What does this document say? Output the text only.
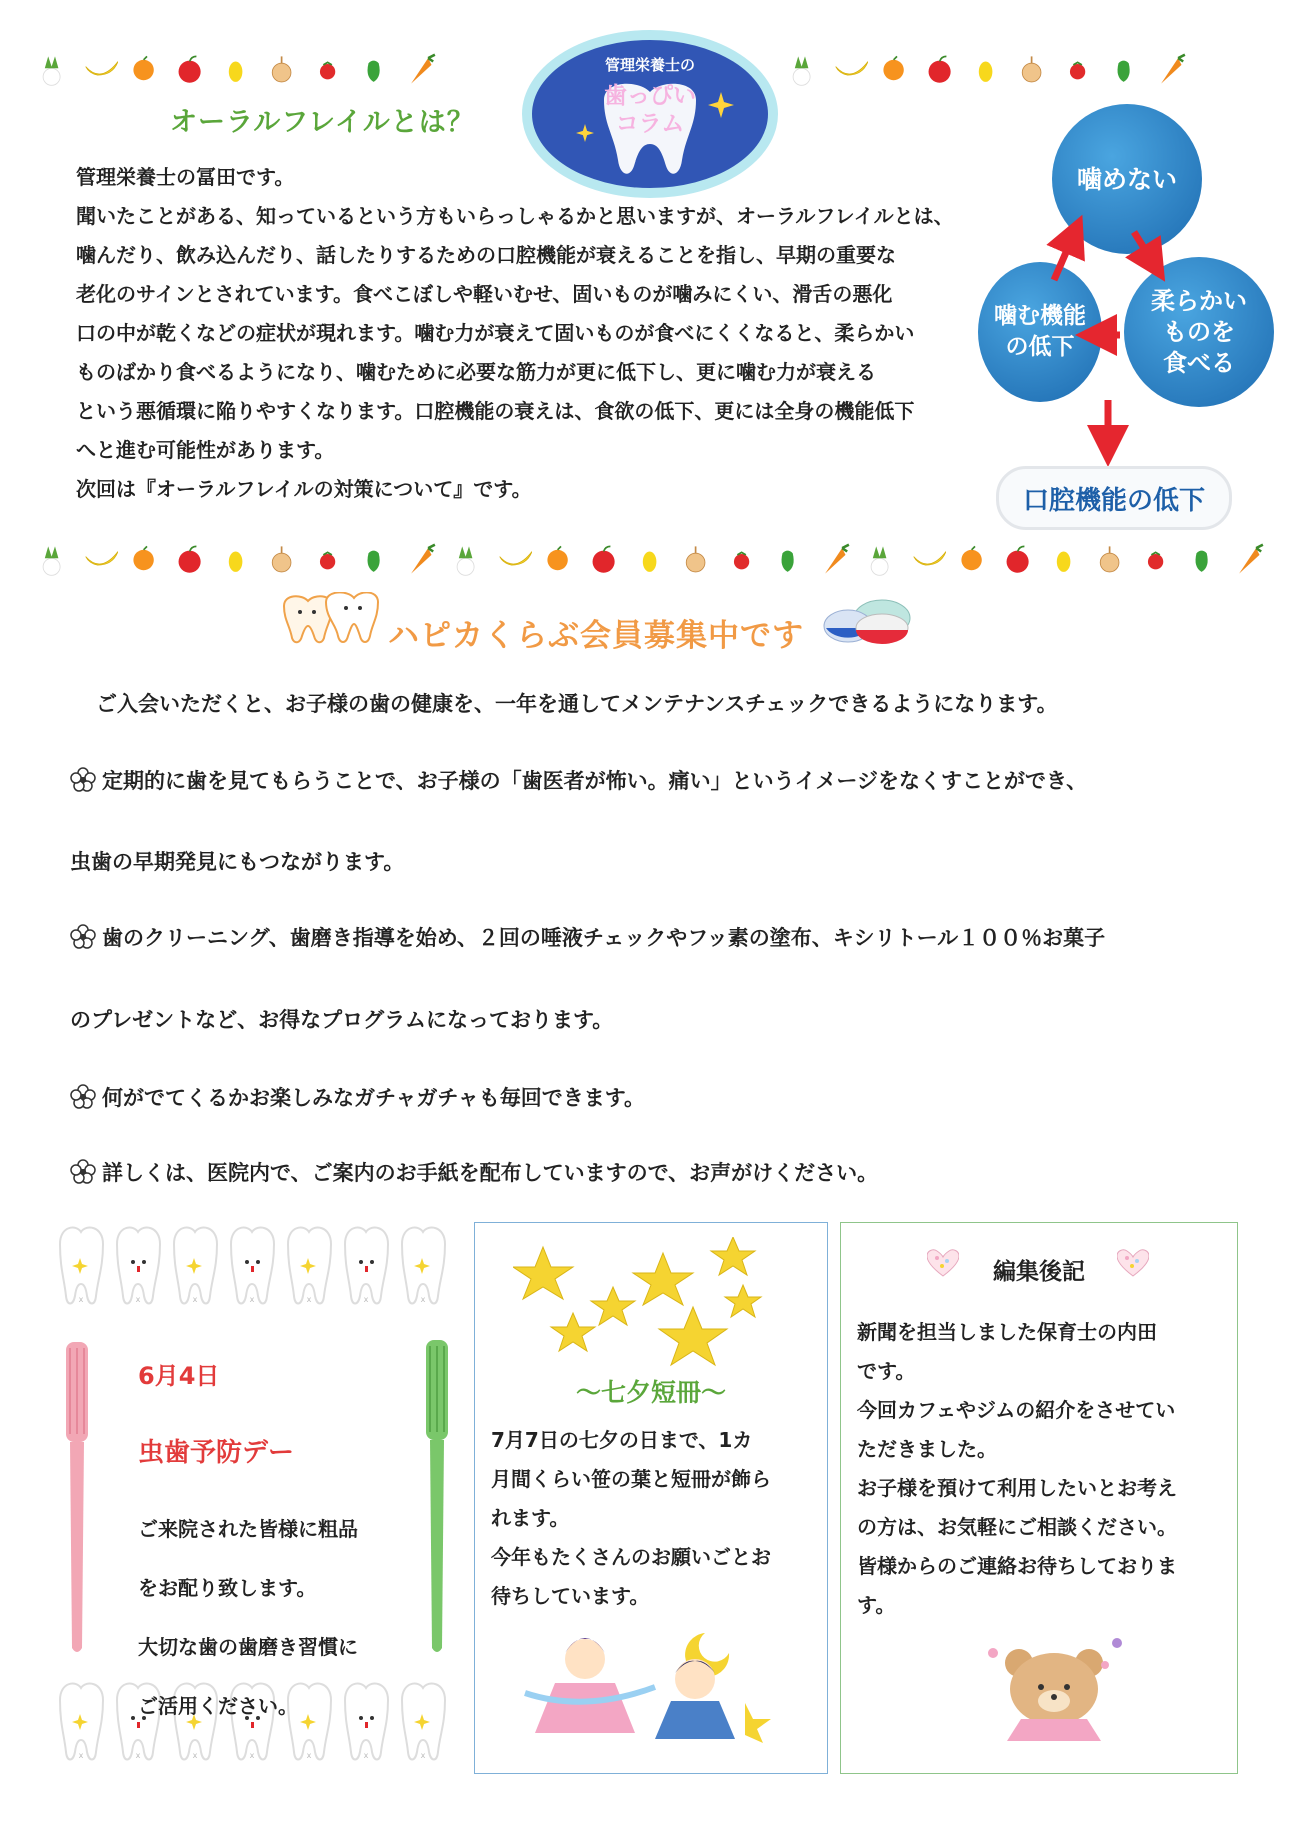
管理栄養士の
歯っぴい
コラム
オーラルフレイルとは？

管理栄養士の冨田です。

聞いたことがある、知っているという方もいらっしゃるかと思いますが、オーラルフレイルとは、

噛んだり、飲み込んだり、話したりするための口腔機能が衰えることを指し、早期の重要な

老化のサインとされています。食べこぼしや軽いむせ、固いものが噛みにくい、滑舌の悪化

口の中が乾くなどの症状が現れます。噛む力が衰えて固いものが食べにくくなると、柔らかい

ものばかり食べるようになり、噛むために必要な筋力が更に低下し、更に噛む力が衰える

という悪循環に陥りやすくなります。口腔機能の衰えは、食欲の低下、更には全身の機能低下

へと進む可能性があります。

次回は『オーラルフレイルの対策について』です。

噛めない
柔らかい
ものを
食べる
噛む機能
の低下
口腔機能の低下
ハピカくらぶ会員募集中です
ご入会いただくと、お子様の歯の健康を、一年を通してメンテナンスチェックできるようになります。
定期的に歯を見てもらうことで、お子様の「歯医者が怖い。痛い」というイメージをなくすことができ、
虫歯の早期発見にもつながります。
歯のクリーニング、歯磨き指導を始め、２回の唾液チェックやフッ素の塗布、キシリトール１００％お菓子
のプレゼントなど、お得なプログラムになっております。
何がでてくるかお楽しみなガチャガチャも毎回できます。
詳しくは、医院内で、ご案内のお手紙を配布していますので、お声がけください。
x	x	x	x	x	x	x
x	x	x	x	x	x	x
6月4日
虫歯予防デー

ご来院された皆様に粗品

をお配り致します。

大切な歯の歯磨き習慣に

ご活用ください。

～七夕短冊～

7月7日の七夕の日まで、1カ

月間くらい笹の葉と短冊が飾ら

れます。

今年もたくさんのお願いごとお

待ちしています。

編集後記

新聞を担当しました保育士の内田

です。

今回カフェやジムの紹介をさせてい

ただきました。

お子様を預けて利用したいとお考え

の方は、お気軽にご相談ください。

皆様からのご連絡お待ちしておりま

す。
